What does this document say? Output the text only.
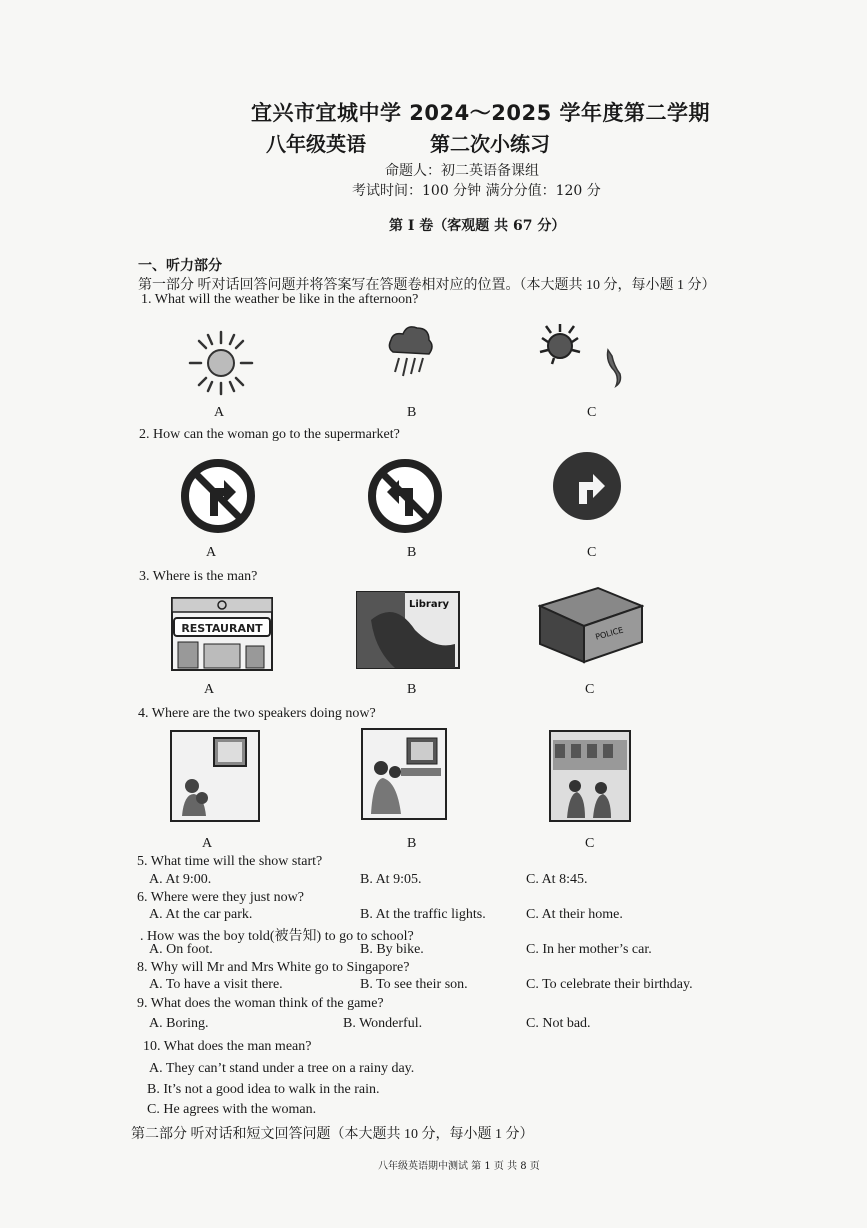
宜兴市宜城中学 2024～2025 学年度第二学期
八年级英语	第二次小练习
命题人：初二英语备课组
考试时间：100 分钟 满分分值：120 分
第 I 卷（客观题 共 67 分）
一、听力部分
第一部分 听对话回答问题并将答案写在答题卷相对应的位置。（本大题共 10 分，每小题 1 分）
1. What will the weather be like in the afternoon?
A	B	C
2. How can the woman go to the supermarket?
A	B	C
3. Where is the man?
RESTAURANT
Library
POLICE
A	B	C
4. Where are the two speakers doing now?
A	B	C
5. What time will the show start?
A. At 9:00.	B. At 9:05.	C. At 8:45.
6. Where were they just now?
A. At the car park.	B. At the traffic lights.	C. At their home.
. How was the boy told(被告知) to go to school?
A. On foot.	B. By bike.	C. In her mother’s car.
8. Why will Mr and Mrs White go to Singapore?
A. To have a visit there.	B. To see their son.	C. To celebrate their birthday.
9. What does the woman think of the game?
A. Boring.	B. Wonderful.	C. Not bad.
10. What does the man mean?
A. They can’t stand under a tree on a rainy day.
B. It’s not a good idea to walk in the rain.
C. He agrees with the woman.
第二部分 听对话和短文回答问题（本大题共 10 分，每小题 1 分）
八年级英语期中测试 第 1 页 共 8 页
